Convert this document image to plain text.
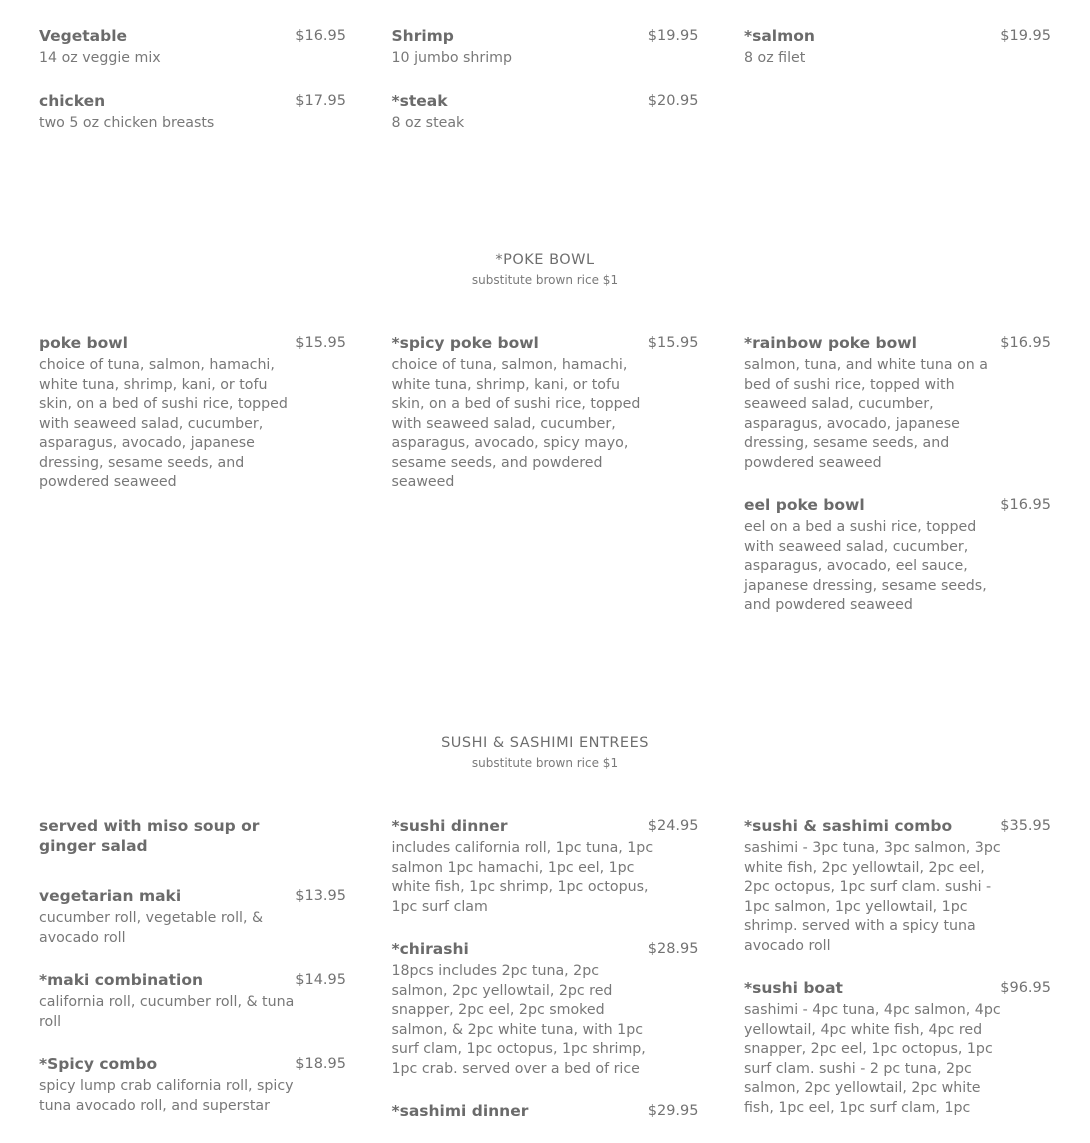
Vegetable	$16.95
14 oz veggie mix
chicken	$17.95
two 5 oz chicken breasts
Shrimp	$19.95
10 jumbo shrimp
*steak	$20.95
8 oz steak
*salmon	$19.95
8 oz filet
*POKE BOWL
substitute brown rice $1
poke bowl	$15.95
choice of tuna, salmon, hamachi, white tuna, shrimp, kani, or tofu skin, on a bed of sushi rice, topped with seaweed salad, cucumber, asparagus, avocado, japanese dressing, sesame seeds, and powdered seaweed
*spicy poke bowl	$15.95
choice of tuna, salmon, hamachi, white tuna, shrimp, kani, or tofu skin, on a bed of sushi rice, topped with seaweed salad, cucumber, asparagus, avocado, spicy mayo, sesame seeds, and powdered seaweed
*rainbow poke bowl	$16.95
salmon, tuna, and white tuna on a bed of sushi rice, topped with seaweed salad, cucumber, asparagus, avocado, japanese dressing, sesame seeds, and powdered seaweed
eel poke bowl	$16.95
eel on a bed a sushi rice, topped with seaweed salad, cucumber, asparagus, avocado, eel sauce, japanese dressing, sesame seeds, and powdered seaweed
SUSHI & SASHIMI ENTREES
substitute brown rice $1
served with miso soup or ginger salad
vegetarian maki	$13.95
cucumber roll, vegetable roll, & avocado roll
*maki combination	$14.95
california roll, cucumber roll, & tuna roll
*Spicy combo	$18.95
spicy lump crab california roll, spicy tuna avocado roll, and superstar
*sushi dinner	$24.95
includes california roll, 1pc tuna, 1pc salmon 1pc hamachi, 1pc eel, 1pc white fish, 1pc shrimp, 1pc octopus, 1pc surf clam
*chirashi	$28.95
18pcs includes 2pc tuna, 2pc salmon, 2pc yellowtail, 2pc red snapper, 2pc eel, 2pc smoked salmon, & 2pc white tuna, with 1pc surf clam, 1pc octopus, 1pc shrimp, 1pc crab. served over a bed of rice
*sashimi dinner	$29.95
*sushi & sashimi combo	$35.95
sashimi - 3pc tuna, 3pc salmon, 3pc white fish, 2pc yellowtail, 2pc eel, 2pc octopus, 1pc surf clam. sushi - 1pc salmon, 1pc yellowtail, 1pc shrimp. served with a spicy tuna avocado roll
*sushi boat	$96.95
sashimi - 4pc tuna, 4pc salmon, 4pc yellowtail, 4pc white fish, 4pc red snapper, 2pc eel, 1pc octopus, 1pc surf clam. sushi - 2 pc tuna, 2pc salmon, 2pc yellowtail, 2pc white fish, 1pc eel, 1pc surf clam, 1pc
